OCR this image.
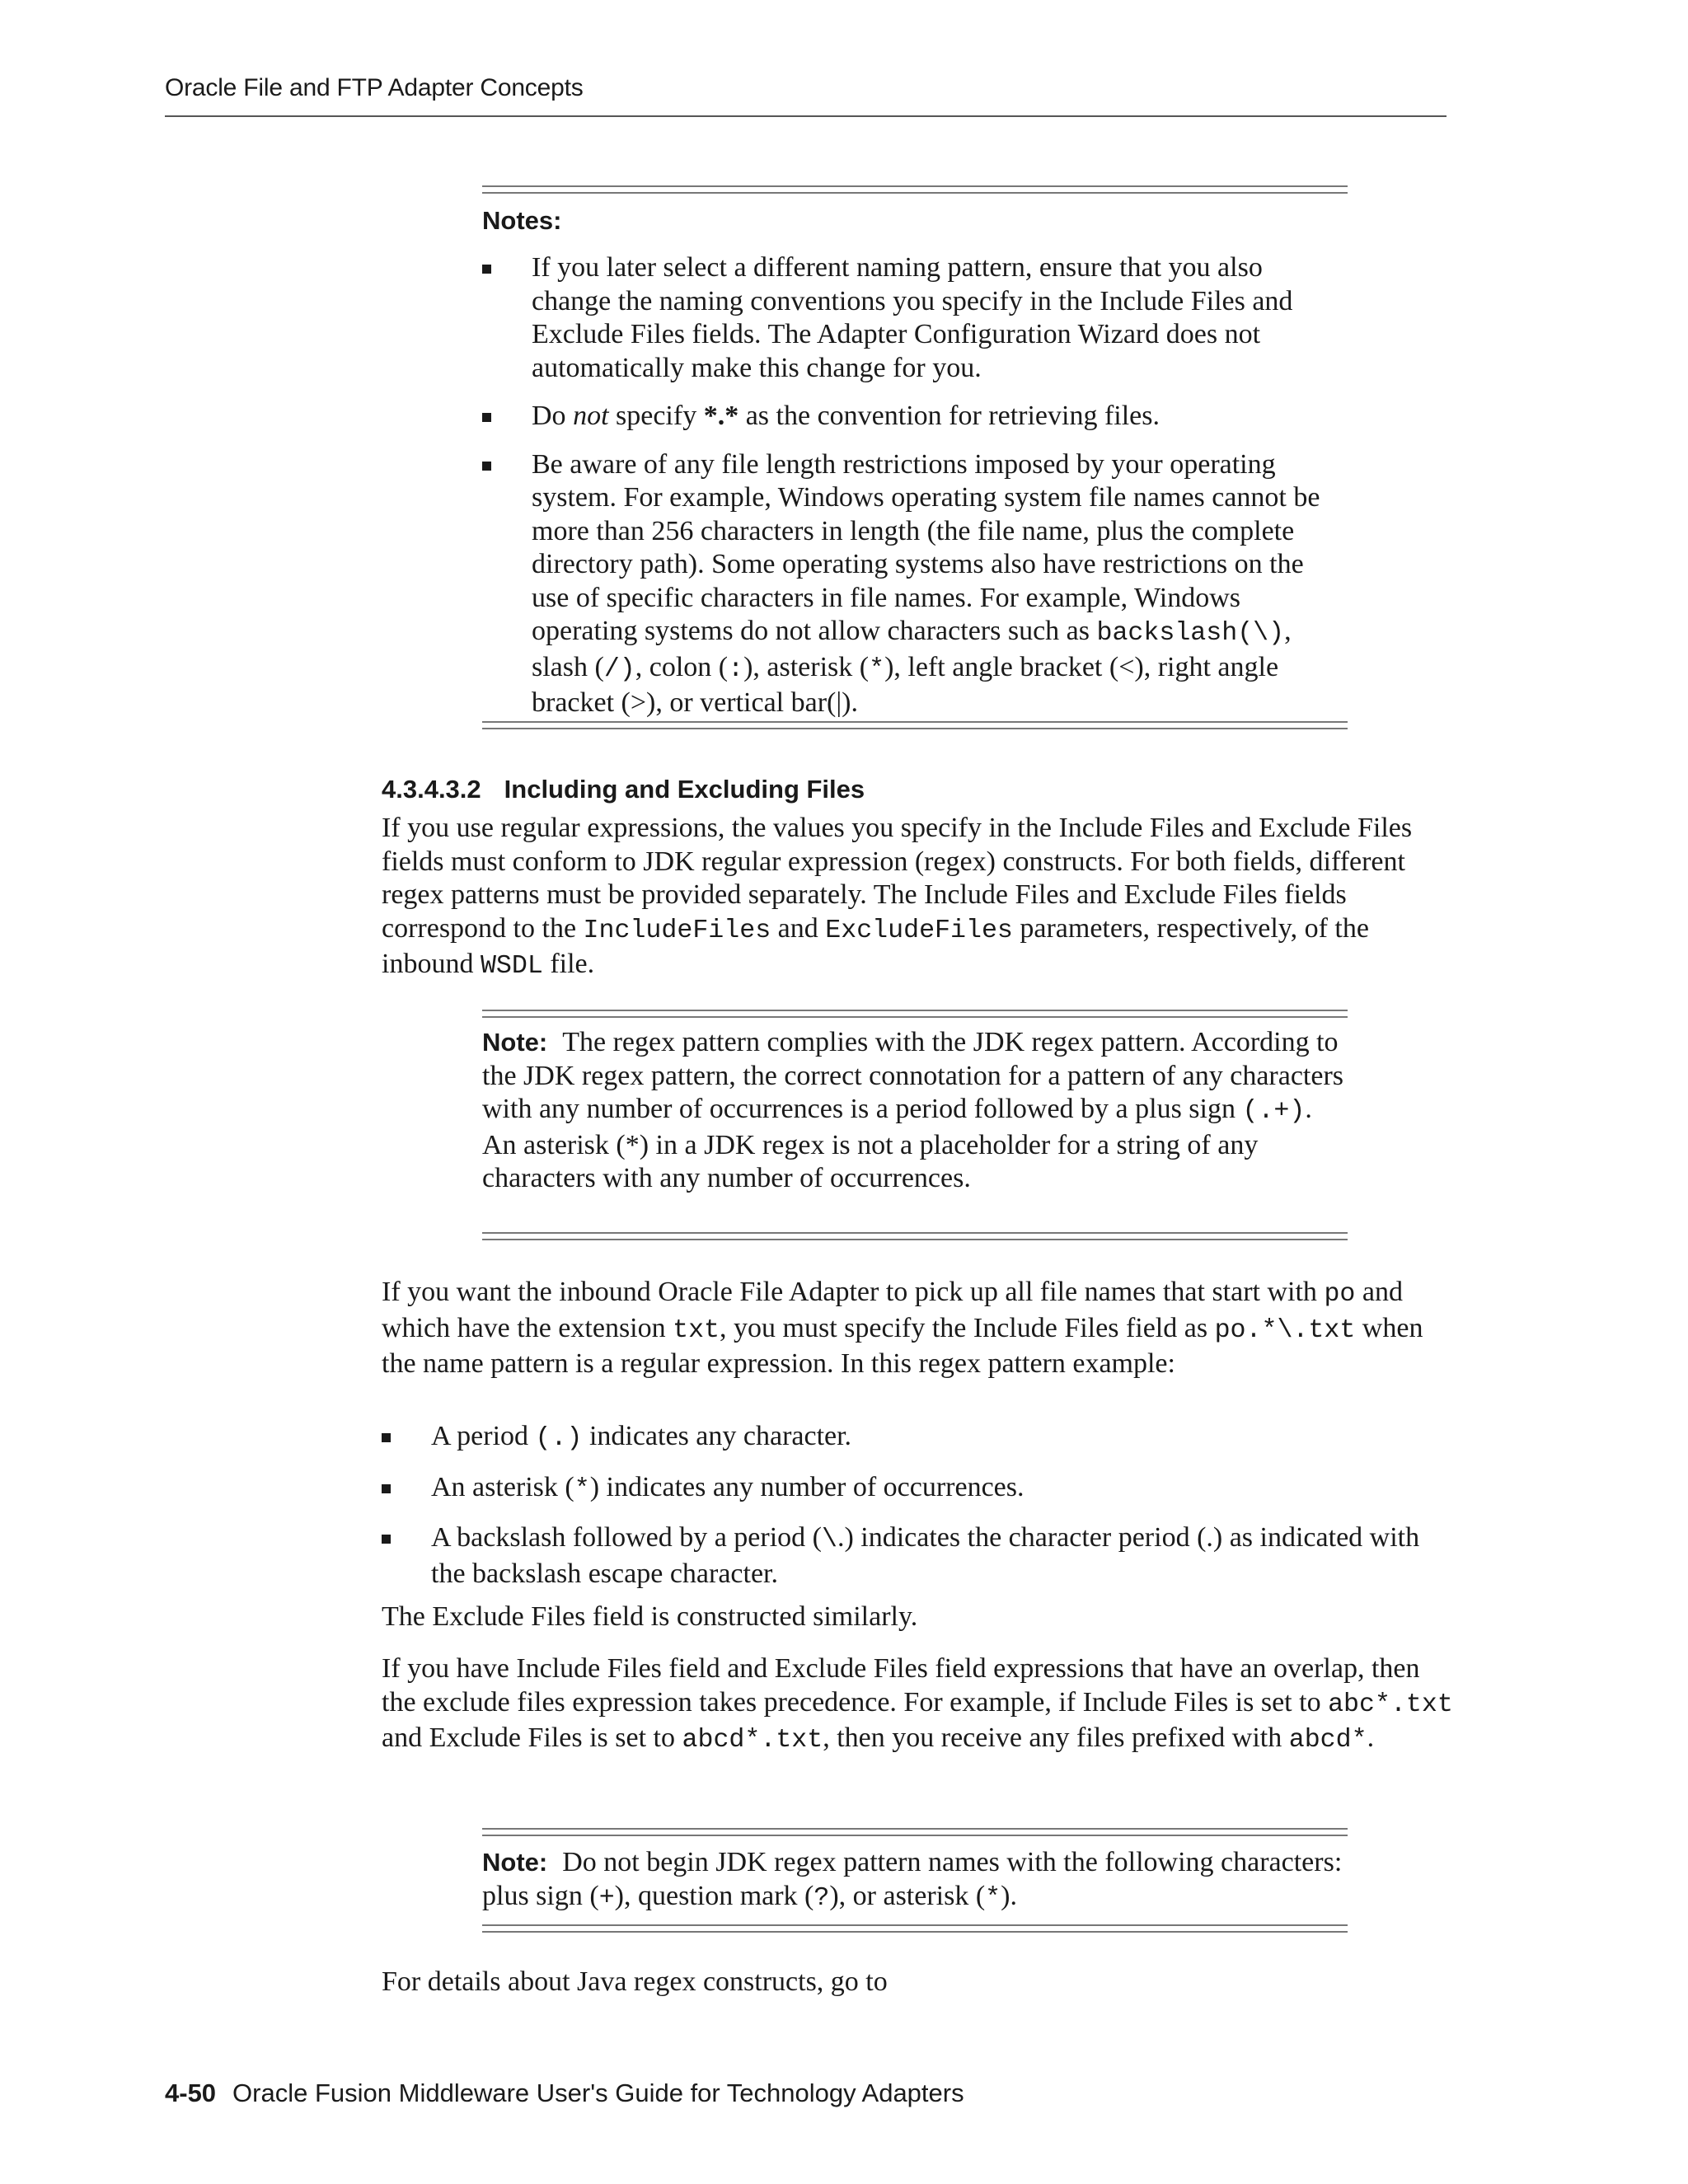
Oracle File and FTP Adapter Concepts
Notes:
If you later select a different naming pattern, ensure that you also change the naming conventions you specify in the Include Files and Exclude Files fields. The Adapter Configuration Wizard does not automatically make this change for you.
Do not specify *.* as the convention for retrieving files.
Be aware of any file length restrictions imposed by your operating system. For example, Windows operating system file names cannot be more than 256 characters in length (the file name, plus the complete directory path). Some operating systems also have restrictions on the use of specific characters in file names. For example, Windows operating systems do not allow characters such as backslash(\), slash (/), colon (:), asterisk (*), left angle bracket (<), right angle bracket (>), or vertical bar(|).
4.3.4.3.2 Including and Excluding Files

If you use regular expressions, the values you specify in the Include Files and Exclude Files fields must conform to JDK regular expression (regex) constructs. For both fields, different regex patterns must be provided separately. The Include Files and Exclude Files fields correspond to the IncludeFiles and ExcludeFiles parameters, respectively, of the inbound WSDL file.

Note: The regex pattern complies with the JDK regex pattern. According to the JDK regex pattern, the correct connotation for a pattern of any characters with any number of occurrences is a period followed by a plus sign (.+). An asterisk (*) in a JDK regex is not a placeholder for a string of any characters with any number of occurrences.

If you want the inbound Oracle File Adapter to pick up all file names that start with po and which have the extension txt, you must specify the Include Files field as po.*\.txt when the name pattern is a regular expression. In this regex pattern example:

A period (.) indicates any character.
An asterisk (*) indicates any number of occurrences.
A backslash followed by a period (\.) indicates the character period (.) as indicated with the backslash escape character.

The Exclude Files field is constructed similarly.

If you have Include Files field and Exclude Files field expressions that have an overlap, then the exclude files expression takes precedence. For example, if Include Files is set to abc*.txt and Exclude Files is set to abcd*.txt, then you receive any files prefixed with abcd*.

Note: Do not begin JDK regex pattern names with the following characters: plus sign (+), question mark (?), or asterisk (*).

For details about Java regex constructs, go to

4-50 Oracle Fusion Middleware User's Guide for Technology Adapters
